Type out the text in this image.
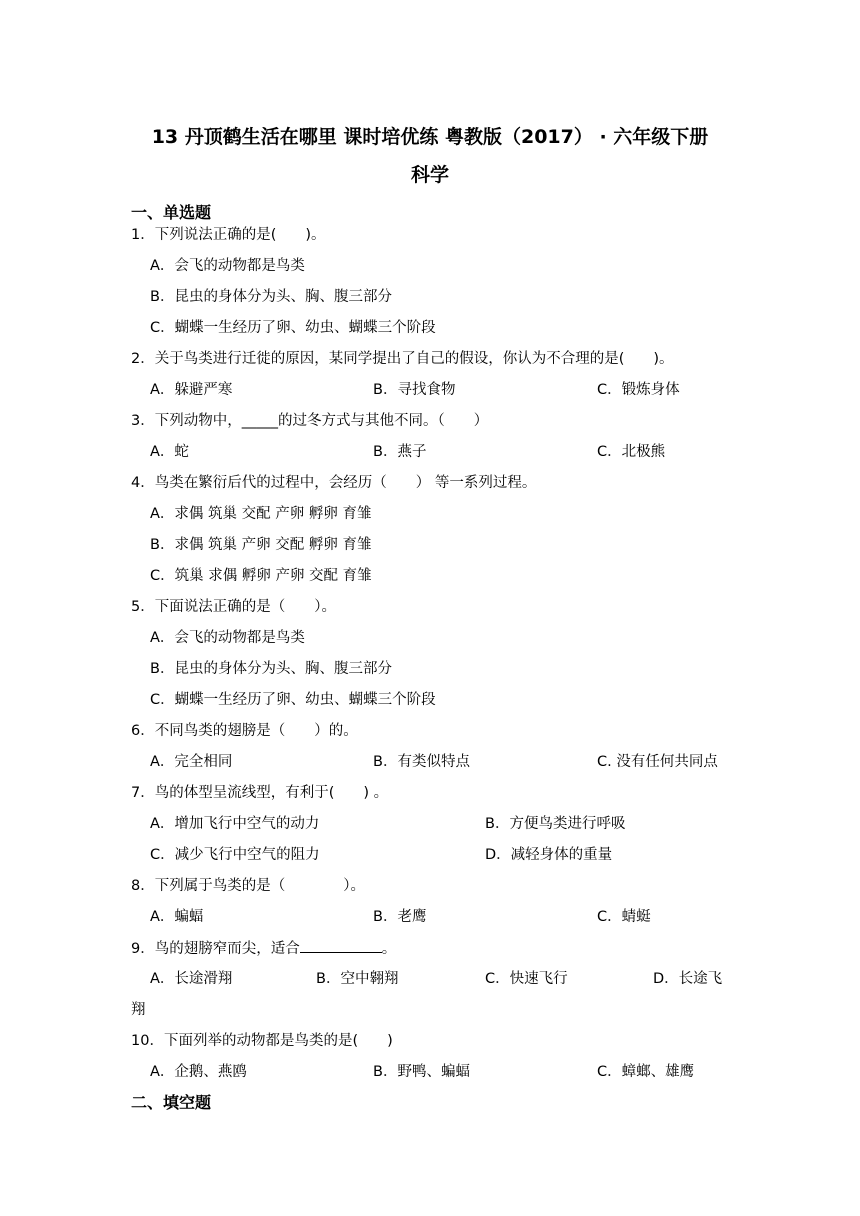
13 丹顶鹤生活在哪里 课时培优练 粤教版（2017） · 六年级下册
科学
一、单选题
1．下列说法正确的是(　　)。
A．会飞的动物都是鸟类
B．昆虫的身体分为头、胸、腹三部分
C．蝴蝶一生经历了卵、幼虫、蝴蝶三个阶段
2．关于鸟类进行迁徙的原因，某同学提出了自己的假设，你认为不合理的是(　　)。
A．躲避严寒	B．寻找食物	C．锻炼身体
3．下列动物中，_____的过冬方式与其他不同。（　　）
A．蛇	B．燕子	C．北极熊
4．鸟类在繁衍后代的过程中，会经历（　　） 等一系列过程。
A．求偶 筑巢 交配 产卵 孵卵 育雏
B．求偶 筑巢 产卵 交配 孵卵 育雏
C．筑巢 求偶 孵卵 产卵 交配 育雏
5．下面说法正确的是（　　）。
A．会飞的动物都是鸟类
B．昆虫的身体分为头、胸、腹三部分
C．蝴蝶一生经历了卵、幼虫、蝴蝶三个阶段
6．不同鸟类的翅膀是（　　）的。
A．完全相同	B．有类似特点	C. 没有任何共同点
7．鸟的体型呈流线型，有利于(　　) 。
A．增加飞行中空气的动力	B．方便鸟类进行呼吸
C．减少飞行中空气的阻力	D．减轻身体的重量
8．下列属于鸟类的是（　　　　）。
A．蝙蝠	B．老鹰	C．蜻蜓
9．鸟的翅膀窄而尖，适合	。
A．长途滑翔	B．空中翱翔	C．快速飞行	D．长途飞
翔
10．下面列举的动物都是鸟类的是(　　)
A．企鹅、燕鸥	B．野鸭、蝙蝠	C．蟑螂、雄鹰
二、填空题
